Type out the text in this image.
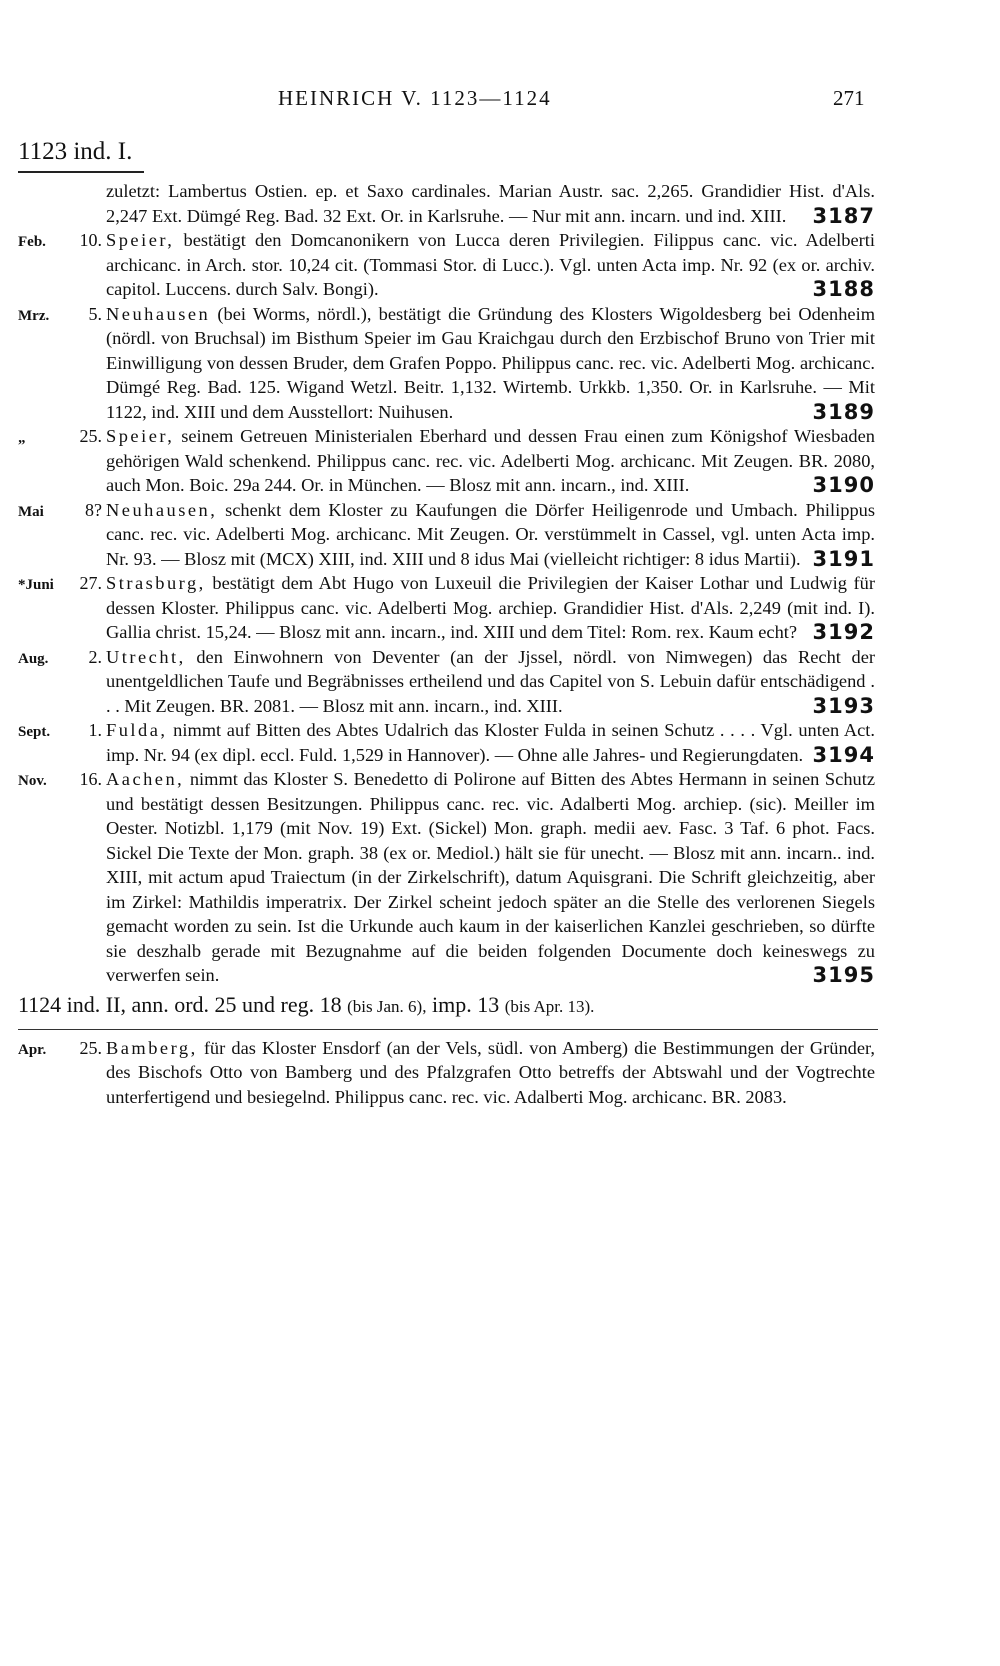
HEINRICH V. 1123—1124	271
1123 ind. I.
zuletzt: Lambertus Ostien. ep. et Saxo cardinales. Marian Austr. sac. 2,265. Grandidier Hist. d'Als. 2,247 Ext. Dümgé Reg. Bad. 32 Ext. Or. in Karlsruhe. — Nur mit ann. incarn. und ind. XIII. 3187
Feb. 10. Speier, bestätigt den Domcanonikern von Lucca deren Privilegien. Filippus canc. vic. Adelberti archicanc. in Arch. stor. 10,24 cit. (Tommasi Stor. di Lucc.). Vgl. unten Acta imp. Nr. 92 (ex or. archiv. capitol. Luccens. durch Salv. Bongi).	3188
Mrz. 5. Neuhausen (bei Worms, nördl.), bestätigt die Gründung des Klosters Wigoldesberg bei Odenheim (nördl. von Bruchsal) im Bisthum Speier im Gau Kraichgau durch den Erzbischof Bruno von Trier mit Einwilligung von dessen Bruder, dem Grafen Poppo. Philippus canc. rec. vic. Adelberti Mog. archicanc. Dümgé Reg. Bad. 125. Wigand Wetzl. Beitr. 1,132. Wirtemb. Urkkb. 1,350. Or. in Karlsruhe. — Mit 1122, ind. XIII und dem Ausstellort: Nuihusen.	3189
„	25. Speier, seinem Getreuen Ministerialen Eberhard und dessen Frau einen zum Königshof Wiesbaden gehörigen Wald schenkend. Philippus canc. rec. vic. Adelberti Mog. archicanc. Mit Zeugen. BR. 2080, auch Mon. Boic. 29a 244. Or. in München. — Blosz mit ann. incarn., ind. XIII.	3190
Mai 8? Neuhausen, schenkt dem Kloster zu Kaufungen die Dörfer Heiligenrode und Umbach. Philippus canc. rec. vic. Adelberti Mog. archicanc. Mit Zeugen. Or. verstümmelt in Cassel, vgl. unten Acta imp. Nr. 93. — Blosz mit (MCX) XIII, ind. XIII und 8 idus Mai (vielleicht richtiger: 8 idus Martii). 3191
*Juni 27. Strasburg, bestätigt dem Abt Hugo von Luxeuil die Privilegien der Kaiser Lothar und Ludwig für dessen Kloster. Philippus canc. vic. Adelberti Mog. archiep. Grandidier Hist. d'Als. 2,249 (mit ind. I). Gallia christ. 15,24. — Blosz mit ann. incarn., ind. XIII und dem Titel: Rom. rex. Kaum echt? 3192
Aug. 2. Utrecht, den Einwohnern von Deventer (an der Jjssel, nördl. von Nimwegen) das Recht der unentgeldlichen Taufe und Begräbnisses ertheilend und das Capitel von S. Lebuin dafür entschädigend . . . Mit Zeugen. BR. 2081. — Blosz mit ann. incarn., ind. XIII.	3193
Sept. 1. Fulda, nimmt auf Bitten des Abtes Udalrich das Kloster Fulda in seinen Schutz . . . . Vgl. unten Act. imp. Nr. 94 (ex dipl. eccl. Fuld. 1,529 in Hannover). — Ohne alle Jahres- und Regierungdaten. 3194
Nov. 16. Aachen, nimmt das Kloster S. Benedetto di Polirone auf Bitten des Abtes Hermann in seinen Schutz und bestätigt dessen Besitzungen. Philippus canc. rec. vic. Adalberti Mog. archiep. (sic). Meiller im Oester. Notizbl. 1,179 (mit Nov. 19) Ext. (Sickel) Mon. graph. medii aev. Fasc. 3 Taf. 6 phot. Facs. Sickel Die Texte der Mon. graph. 38 (ex or. Mediol.) hält sie für unecht. — Blosz mit ann. incarn.. ind. XIII, mit actum apud Traiectum (in der Zirkelschrift), datum Aquisgrani. Die Schrift gleichzeitig, aber im Zirkel: Mathildis imperatrix. Der Zirkel scheint jedoch später an die Stelle des verlorenen Siegels gemacht worden zu sein. Ist die Urkunde auch kaum in der kaiserlichen Kanzlei geschrieben, so dürfte sie deszhalb gerade mit Bezugnahme auf die beiden folgenden Documente doch keineswegs zu verwerfen sein.	3195
1124 ind. II, ann. ord. 25 und reg. 18 (bis Jan. 6), imp. 13 (bis Apr. 13).
Apr. 25. Bamberg, für das Kloster Ensdorf (an der Vels, südl. von Amberg) die Bestimmungen der Gründer, des Bischofs Otto von Bamberg und des Pfalzgrafen Otto betreffs der Abtswahl und der Vogtrechte unterfertigend und besiegelnd. Philippus canc. rec. vic. Adalberti Mog. archicanc. BR. 2083.
